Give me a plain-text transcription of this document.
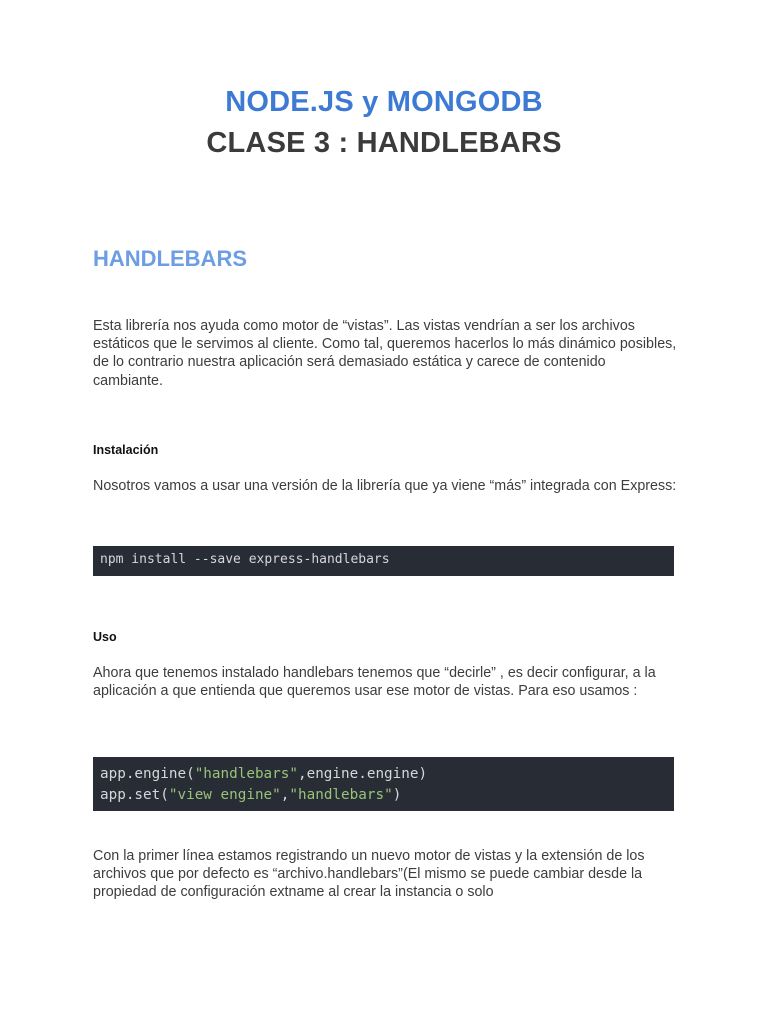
NODE.JS y MONGODB
CLASE 3 : HANDLEBARS
HANDLEBARS

Esta librería nos ayuda como motor de “vistas”. Las vistas vendrían a ser los archivos estáticos que le servimos al cliente. Como tal, queremos hacerlos lo más dinámico posibles, de lo contrario nuestra aplicación será demasiado estática y carece de contenido cambiante.

Instalación

Nosotros vamos a usar una versión de la librería que ya viene “más” integrada con Express:

npm install --save express-handlebars
Uso

Ahora que tenemos instalado handlebars tenemos que “decirle” , es decir configurar, a la aplicación a que entienda que queremos usar ese motor de vistas. Para eso usamos :

app.engine("handlebars",engine.engine)
app.set("view engine","handlebars")

Con la primer línea estamos registrando un nuevo motor de vistas y la extensión de los archivos que por defecto es “archivo.handlebars”(El mismo se puede cambiar desde la propiedad de configuración extname al crear la instancia o solo
